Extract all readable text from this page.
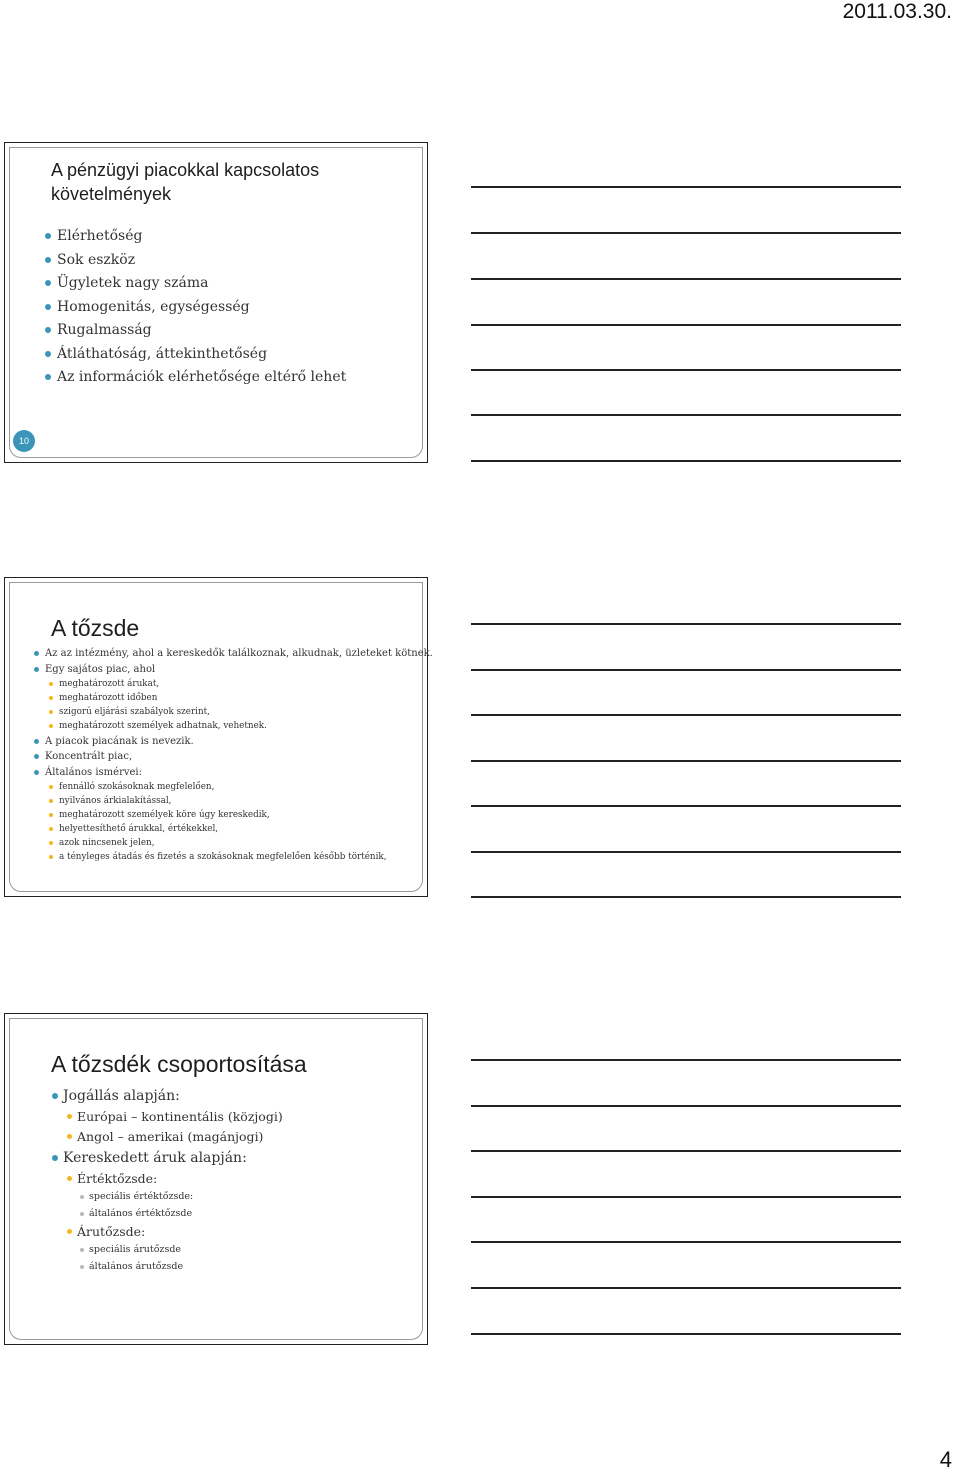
2011.03.30.
A pénzügyi piacokkal kapcsolatos követelmények
Elérhetőség
Sok eszköz
Ügyletek nagy száma
Homogenitás, egységesség
Rugalmasság
Átláthatóság, áttekinthetőség
Az információk elérhetősége eltérő lehet
10
A tőzsde
Az az intézmény, ahol a kereskedők találkoznak, alkudnak, üzleteket kötnek.
Egy sajátos piac, ahol
meghatározott árukat,
meghatározott időben
szigorú eljárási szabályok szerint,
meghatározott személyek adhatnak, vehetnek.
A piacok piacának is nevezik.
Koncentrált piac,
Általános ismérvei:
fennálló szokásoknak megfelelően,
nyilvános árkialakítással,
meghatározott személyek köre úgy kereskedik,
helyettesíthető árukkal, értékekkel,
azok nincsenek jelen,
a tényleges átadás és fizetés a szokásoknak megfelelően később történik,
A tőzsdék csoportosítása
Jogállás alapján:
Európai – kontinentális (közjogi)
Angol – amerikai (magánjogi)
Kereskedett áruk alapján:
Értéktőzsde:
speciális értéktőzsde:
általános értéktőzsde
Árutőzsde:
speciális árutőzsde
általános árutőzsde
4
